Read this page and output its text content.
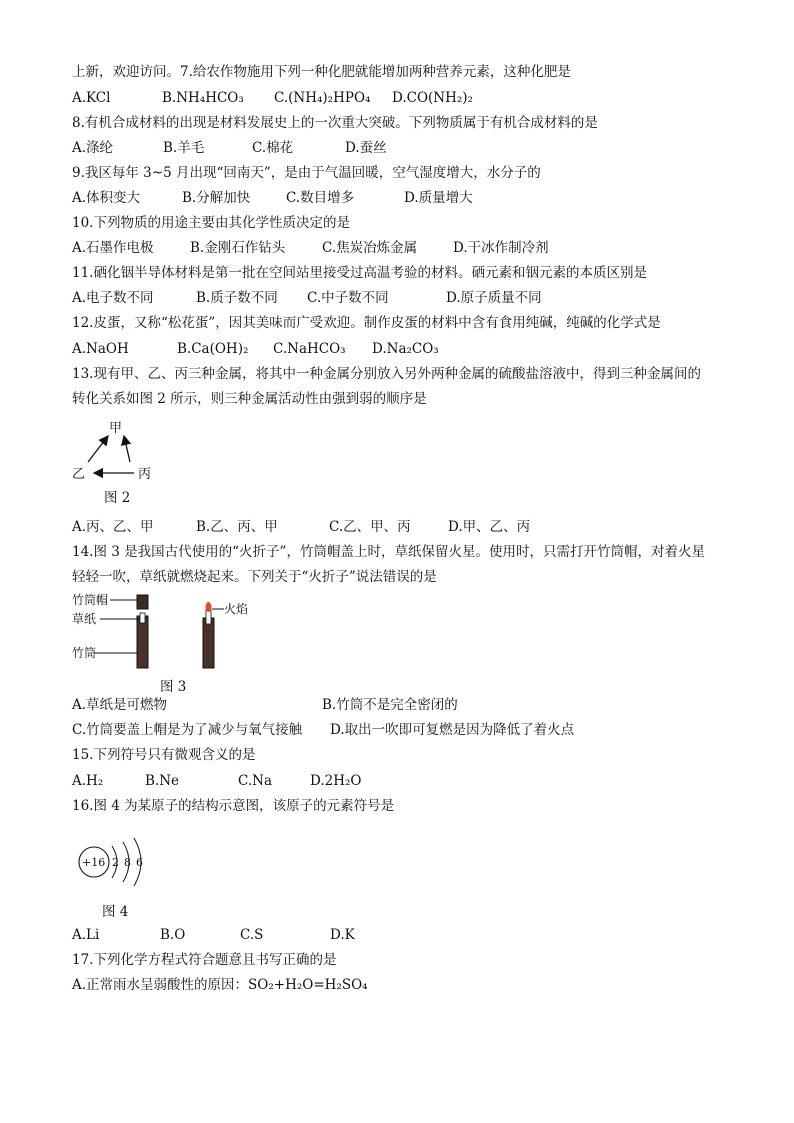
上新，欢迎访问。7.给农作物施用下列一种化肥就能增加两种营养元素，这种化肥是
A.KCl	B.NH₄HCO₃ C.(NH₄)₂HPO₄ D.CO(NH₂)₂
8.有机合成材料的出现是材料发展史上的一次重大突破。下列物质属于有机合成材料的是
A.涤纶	B.羊毛	C.棉花	D.蚕丝
9.我区每年 3~5 月出现“回南天”，是由于气温回暖，空气湿度增大，水分子的
A.体积变大	B.分解加快	C.数目增多	D.质量增大
10.下列物质的用途主要由其化学性质决定的是
A.石墨作电极	B.金刚石作钻头	C.焦炭冶炼金属	D.干冰作制冷剂
11.硒化铟半导体材料是第一批在空间站里接受过高温考验的材料。硒元素和铟元素的本质区别是
A.电子数不同	B.质子数不同 C.中子数不同	D.原子质量不同
12.皮蛋，又称“松花蛋”，因其美味而广受欢迎。制作皮蛋的材料中含有食用纯碱，纯碱的化学式是
A.NaOH	B.Ca(OH)₂ C.NaHCO₃ D.Na₂CO₃
13.现有甲、乙、丙三种金属，将其中一种金属分别放入另外两种金属的硫酸盐溶液中，得到三种金属间的
转化关系如图 2 所示，则三种金属活动性由强到弱的顺序是
甲
乙	丙
图 2
A.丙、乙、甲	B.乙、丙、甲	C.乙、甲、丙	D.甲、乙、丙
14.图 3 是我国古代使用的“火折子”，竹筒帽盖上时，草纸保留火星。使用时，只需打开竹筒帽，对着火星
轻轻一吹，草纸就燃烧起来。下列关于“火折子”说法错误的是
竹筒帽
草纸
竹筒
火焰
图 3
A.草纸是可燃物	B.竹筒不是完全密闭的
C.竹筒要盖上帽是为了减少与氧气接触 D.取出一吹即可复燃是因为降低了着火点
15.下列符号只有微观含义的是
A.H₂	B.Ne	C.Na	D.2H₂O
16.图 4 为某原子的结构示意图，该原子的元素符号是
+16 2 8 6
图 4
A.Li	B.O	C.S	D.K
17.下列化学方程式符合题意且书写正确的是
A.正常雨水呈弱酸性的原因：SO₂+H₂O=H₂SO₄
